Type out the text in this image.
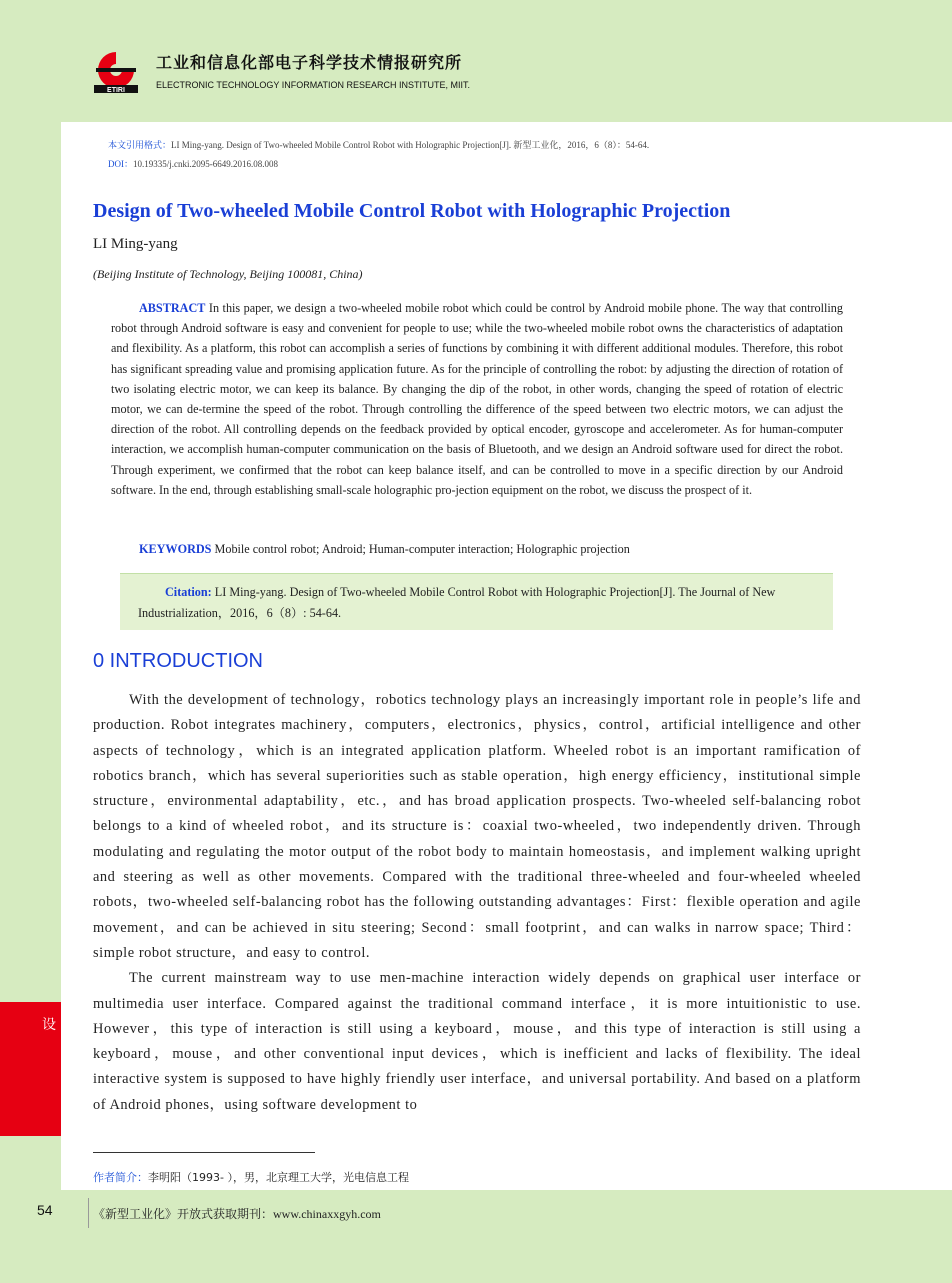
ETIRI
工业和信息化部电子科学技术情报研究所
ELECTRONIC TECHNOLOGY INFORMATION RESEARCH INSTITUTE, MIIT.
设
本文引用格式：LI Ming-yang. Design of Two-wheeled Mobile Control Robot with Holographic Projection[J]. 新型工业化，2016，6（8）：54-64.
DOI：10.19335/j.cnki.2095-6649.2016.08.008
Design of Two-wheeled Mobile Control Robot with Holographic Projection
LI Ming-yang
(Beijing Institute of Technology, Beijing 100081, China)
ABSTRACT In this paper, we design a two-wheeled mobile robot which could be control by Android mobile phone. The way that controlling robot through Android software is easy and convenient for people to use; while the two-wheeled mobile robot owns the characteristics of adaptation and flexibility. As a platform, this robot can accomplish a series of functions by combining it with different additional modules. Therefore, this robot has significant spreading value and promising application future. As for the principle of controlling the robot: by adjusting the direction of rotation of two isolating electric motor, we can keep its balance. By changing the dip of the robot, in other words, changing the speed of rotation of electric motor, we can de-termine the speed of the robot. Through controlling the difference of the speed between two electric motors, we can adjust the direction of the robot. All controlling depends on the feedback provided by optical encoder, gyroscope and accelerometer. As for human-computer interaction, we accomplish human-computer communication on the basis of Bluetooth, and we design an Android software used for direct the robot. Through experiment, we confirmed that the robot can keep balance itself, and can be controlled to move in a specific direction by our Android software. In the end, through establishing small-scale holographic pro-jection equipment on the robot, we discuss the prospect of it.
KEYWORDS Mobile control robot; Android; Human-computer interaction; Holographic projection
Citation: LI Ming-yang. Design of Two-wheeled Mobile Control Robot with Holographic Projection[J]. The Journal of New Industrialization，2016，6（8）: 54-64.
0 INTRODUCTION

With the development of technology，robotics technology plays an increasingly important role in people’s life and production. Robot integrates machinery，computers，electronics，physics，control，artificial intelligence and other aspects of technology，which is an integrated application platform. Wheeled robot is an important ramification of robotics branch，which has several superiorities such as stable operation，high energy efficiency，institutional simple structure，environmental adaptability，etc.，and has broad application prospects. Two-wheeled self-balancing robot belongs to a kind of wheeled robot，and its structure is：coaxial two-wheeled，two independently driven. Through modulating and regulating the motor output of the robot body to maintain homeostasis，and implement walking upright and steering as well as other movements. Compared with the traditional three-wheeled and four-wheeled wheeled robots，two-wheeled self-balancing robot has the following outstanding advantages：First：flexible operation and agile movement，and can be achieved in situ steering; Second：small footprint，and can walks in narrow space; Third：simple robot structure，and easy to control.

The current mainstream way to use men-machine interaction widely depends on graphical user interface or multimedia user interface. Compared against the traditional command interface，it is more intuitionistic to use. However，this type of interaction is still using a keyboard，mouse，and this type of interaction is still using a keyboard，mouse，and other conventional input devices，which is inefficient and lacks of flexibility. The ideal interactive system is supposed to have highly friendly user interface，and universal portability. And based on a platform of Android phones，using software development to

作者简介：李明阳（1993- ），男，北京理工大学，光电信息工程
54	《新型工业化》开放式获取期刊：www.chinaxxgyh.com
